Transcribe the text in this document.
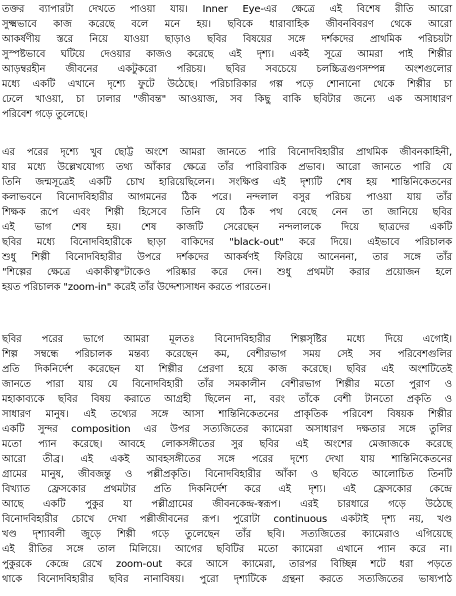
তক্তর ব্যাপারটা দেখতে পাওয়া যায়। Inner Eye-এর ক্ষেত্রে এই বিশেষ রীতি আরো
সুক্ষ্মভাবে কাজ করেছে বলে মনে হয়। ছবিকে ধারাবাহিক জীবনবিবরণ থেকে আরো
আকর্ষণীয় স্তরে নিয়ে যাওয়া ছাড়াও ছবির বিষয়ের সঙ্গে দর্শকদের প্রাথমিক পরিচয়টা
সুস্পষ্টভাবে ঘটিয়ে দেওয়ার কাজও করেছে এই দৃশ্য। একই সূত্রে আমরা পাই শিল্পীর
আড়ম্বরহীন জীবনের একটুকরো পরিচয়। ছবির সবচেয়ে চলচ্চিত্রগুণসম্পন্ন অংশগুলোর
মধ্যে একটি এখানে দৃশ্যে ফুটে উঠেছে। পরিচারিকার গল্প পড়ে শোনানো থেকে শিল্পীর চা
ঢেলে খাওয়া, চা ঢালার "জীবন্ত" আওয়াজ, সব কিছু বাকি ছবিটার জন্যে এক অসাধারণ
পরিবেশ গড়ে তুলেছে।
এর পরের দৃশ্যে খুব ছোট্ট অংশে আমরা জানতে পারি বিনোদবিহারীর প্রাথমিক জীবনকাহিনী,
যার মধ্যে উল্লেখযোগ্য তথ্য আঁকার ক্ষেত্রে তাঁর পারিবারিক প্রভাব। আরো জানতে পারি যে
তিনি জন্মসূত্রেই একটি চোখ হারিয়েছিলেন। সংক্ষিপ্ত এই দৃশ্যটি শেষ হয় শান্তিনিকেতনের
কলাভবনে বিনোদবিহারীর আগমনের ঠিক পরে। নন্দলাল বসুর পরিচয় পাওয়া যায় তাঁর
শিক্ষক রূপে এবং শিল্পী হিসেবে তিনি যে ঠিক পথ বেছে নেন তা জানিয়ে ছবির
এই ভাগ শেষ হয়। শেষ কাজটি সেরেছেন নন্দলালকে দিয়ে ছাত্রদের একটি
ছবির মধ্যে বিনোদবিহারীকে ছাড়া বাকিদের "black-out" করে দিয়ে। এইভাবে পরিচালক
শুধু শিল্পী বিনোদবিহারীর উপরে দর্শকদের আকর্ষণই ফিরিয়ে আনেননা, তার সঙ্গে তাঁর
"শিল্পের ক্ষেত্রে একাকীত্ব"টাকেও পরিষ্কার করে দেন। শুধু প্রথমটা করার প্রয়োজন হলে
হয়ত পরিচালক "zoom-in" করেই তাঁর উদ্দেশ্যসাধন করতে পারতেন।
ছবির পরের ভাগে আমরা মূলতঃ বিনোদবিহারীর শিল্পসৃষ্টির মধ্যে দিয়ে এগোই।
শিল্প সম্বন্ধে পরিচালক মন্তব্য করেছেন কম, বেশীরভাগ সময় সেই সব পরিবেশগুলির
প্রতি দিকনির্দেশ করেছেন যা শিল্পীর প্রেরণা হয়ে কাজ করেছে। ছবির এই অংশটিতেই
জানতে পারা যায় যে বিনোদবিহারী তাঁর সমকালীন বেশীরভাগ শিল্পীর মতো পুরাণ ও
মহাকাব্যকে ছবির বিষয় করাতে আগ্রহী ছিলেন না, বরং তাঁকে বেশী টানতো প্রকৃতি ও
সাধারণ মানুষ। এই তথ্যের সঙ্গে আসা শান্তিনিকেতনের প্রাকৃতিক পরিবেশ বিষয়ক শিল্পীর
একটি সুন্দর composition এর উপর সত্যজিতের ক্যামেরা অসাধারণ দক্ষতার সঙ্গে তুলির
মতো প্যান করেছে। আবহে লোকসঙ্গীতের সুর ছবির এই অংশের মেজাজকে করেছে
আরো তীব্র। এই একই আবহসঙ্গীতের সঙ্গে পরের দৃশ্যে দেখা যায় শান্তিনিকেতনের
গ্রামের মানুষ, জীবজন্তু ও পল্লীপ্রকৃতি। বিনোদবিহারীর আঁকা ও ছবিতে আলোচিত তিনটি
বিখ্যাত ফ্রেসকোর প্রথমটার প্রতি দিকনির্দেশ করে এই দৃশ্য। এই ফ্রেসকোর কেন্দ্রে
আছে একটি পুকুর যা পল্লীগ্রামের জীবনকেন্দ্র-স্বরূপ। এরই চারধারে গড়ে উঠেছে
বিনোদবিহারীর চোখে দেখা পল্লীজীবনের রূপ। পুরোটা continuous একটাই দৃশ্য নয়, খণ্ড
খণ্ড দৃশ্যাবলী জুড়ে শিল্পী গড়ে তুলেছেন তাঁর ছবি। সত্যজিতের ক্যামেরাও এগিয়েছে
এই রীতির সঙ্গে তাল মিলিয়ে। আগের ছবিটির মতো ক্যামেরা এখানে প্যান করে না।
পুকুরকে কেন্দ্রে রেখে zoom-out করে আসে ক্যামেরা, তারপর বিচ্ছিন্ন শটে ধরা পড়তে
থাকে বিনোদবিহারীর ছবির নানাবিষয়। পুরো দৃশ্যটিকে গ্রন্থনা করতে সত্যজিতের ভাষ্যপাঠ
